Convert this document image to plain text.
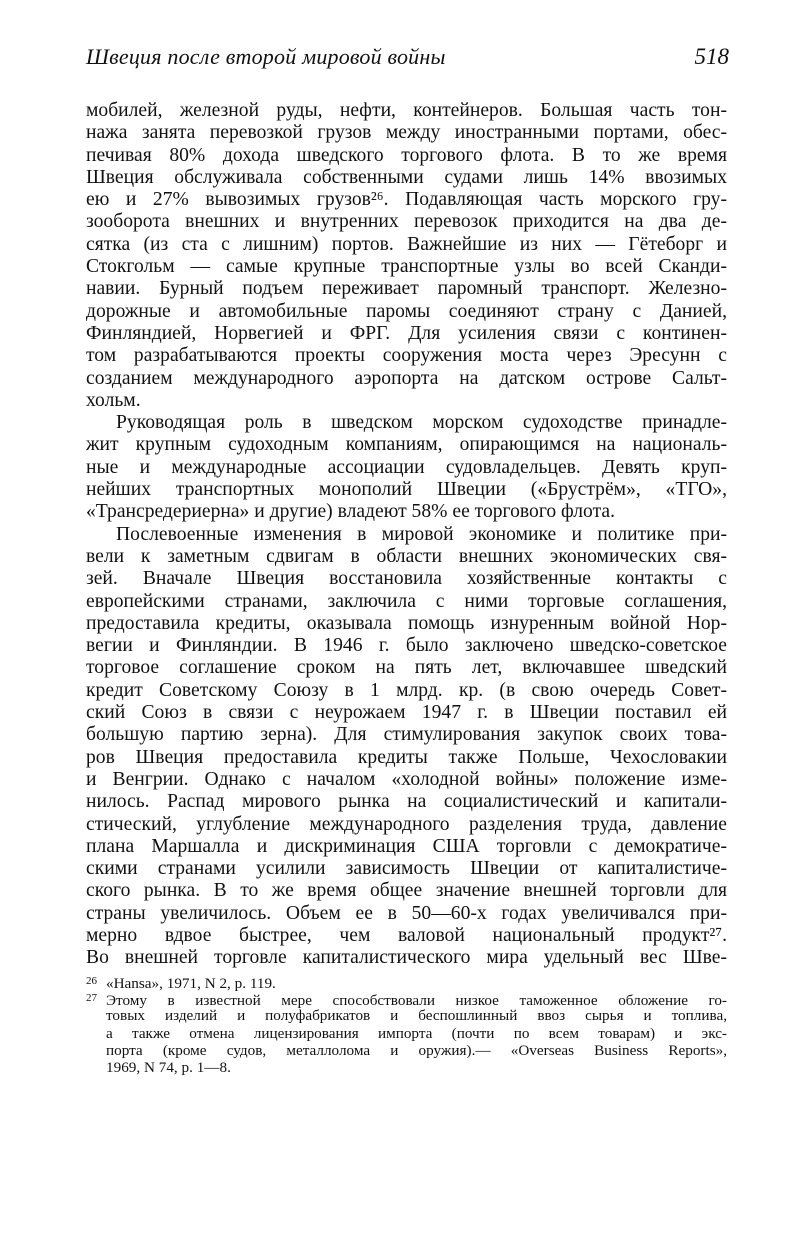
Швеция после второй мировой войны	518
мобилей, железной руды, нефти, контейнеров. Большая часть тон-
нажа занята перевозкой грузов между иностранными портами, обес-
печивая 80% дохода шведского торгового флота. В то же время
Швеция обслуживала собственными судами лишь 14% ввозимых
ею и 27% вывозимых грузов²⁶. Подавляющая часть морского гру-
зооборота внешних и внутренних перевозок приходится на два де-
сятка (из ста с лишним) портов. Важнейшие из них — Гётеборг и
Стокгольм — самые крупные транспортные узлы во всей Сканди-
навии. Бурный подъем переживает паромный транспорт. Железно-
дорожные и автомобильные паромы соединяют страну с Данией,
Финляндией, Норвегией и ФРГ. Для усиления связи с континен-
том разрабатываются проекты сооружения моста через Эресунн с
созданием международного аэропорта на датском острове Сальт-
хольм.
Руководящая роль в шведском морском судоходстве принадле-
жит крупным судоходным компаниям, опирающимся на националь-
ные и международные ассоциации судовладельцев. Девять круп-
нейших транспортных монополий Швеции («Брустрём», «ТГО»,
«Трансредериерна» и другие) владеют 58% ее торгового флота.
Послевоенные изменения в мировой экономике и политике при-
вели к заметным сдвигам в области внешних экономических свя-
зей. Вначале Швеция восстановила хозяйственные контакты с
европейскими странами, заключила с ними торговые соглашения,
предоставила кредиты, оказывала помощь изнуренным войной Нор-
вегии и Финляндии. В 1946 г. было заключено шведско-советское
торговое соглашение сроком на пять лет, включавшее шведский
кредит Советскому Союзу в 1 млрд. кр. (в свою очередь Совет-
ский Союз в связи с неурожаем 1947 г. в Швеции поставил ей
большую партию зерна). Для стимулирования закупок своих това-
ров Швеция предоставила кредиты также Польше, Чехословакии
и Венгрии. Однако с началом «холодной войны» положение изме-
нилось. Распад мирового рынка на социалистический и капитали-
стический, углубление международного разделения труда, давление
плана Маршалла и дискриминация США торговли с демократиче-
скими странами усилили зависимость Швеции от капиталистиче-
ского рынка. В то же время общее значение внешней торговли для
страны увеличилось. Объем ее в 50—60-х годах увеличивался при-
мерно вдвое быстрее, чем валовой национальный продукт²⁷.
Во внешней торговле капиталистического мира удельный вес Шве-
26 «Hansa», 1971, N 2, p. 119.
27 Этому в известной мере способствовали низкое таможенное обложение го-
товых изделий и полуфабрикатов и беспошлинный ввоз сырья и топлива,
а также отмена лицензирования импорта (почти по всем товарам) и экс-
порта (кроме судов, металлолома и оружия).— «Overseas Business Reports»,
1969, N 74, p. 1—8.
